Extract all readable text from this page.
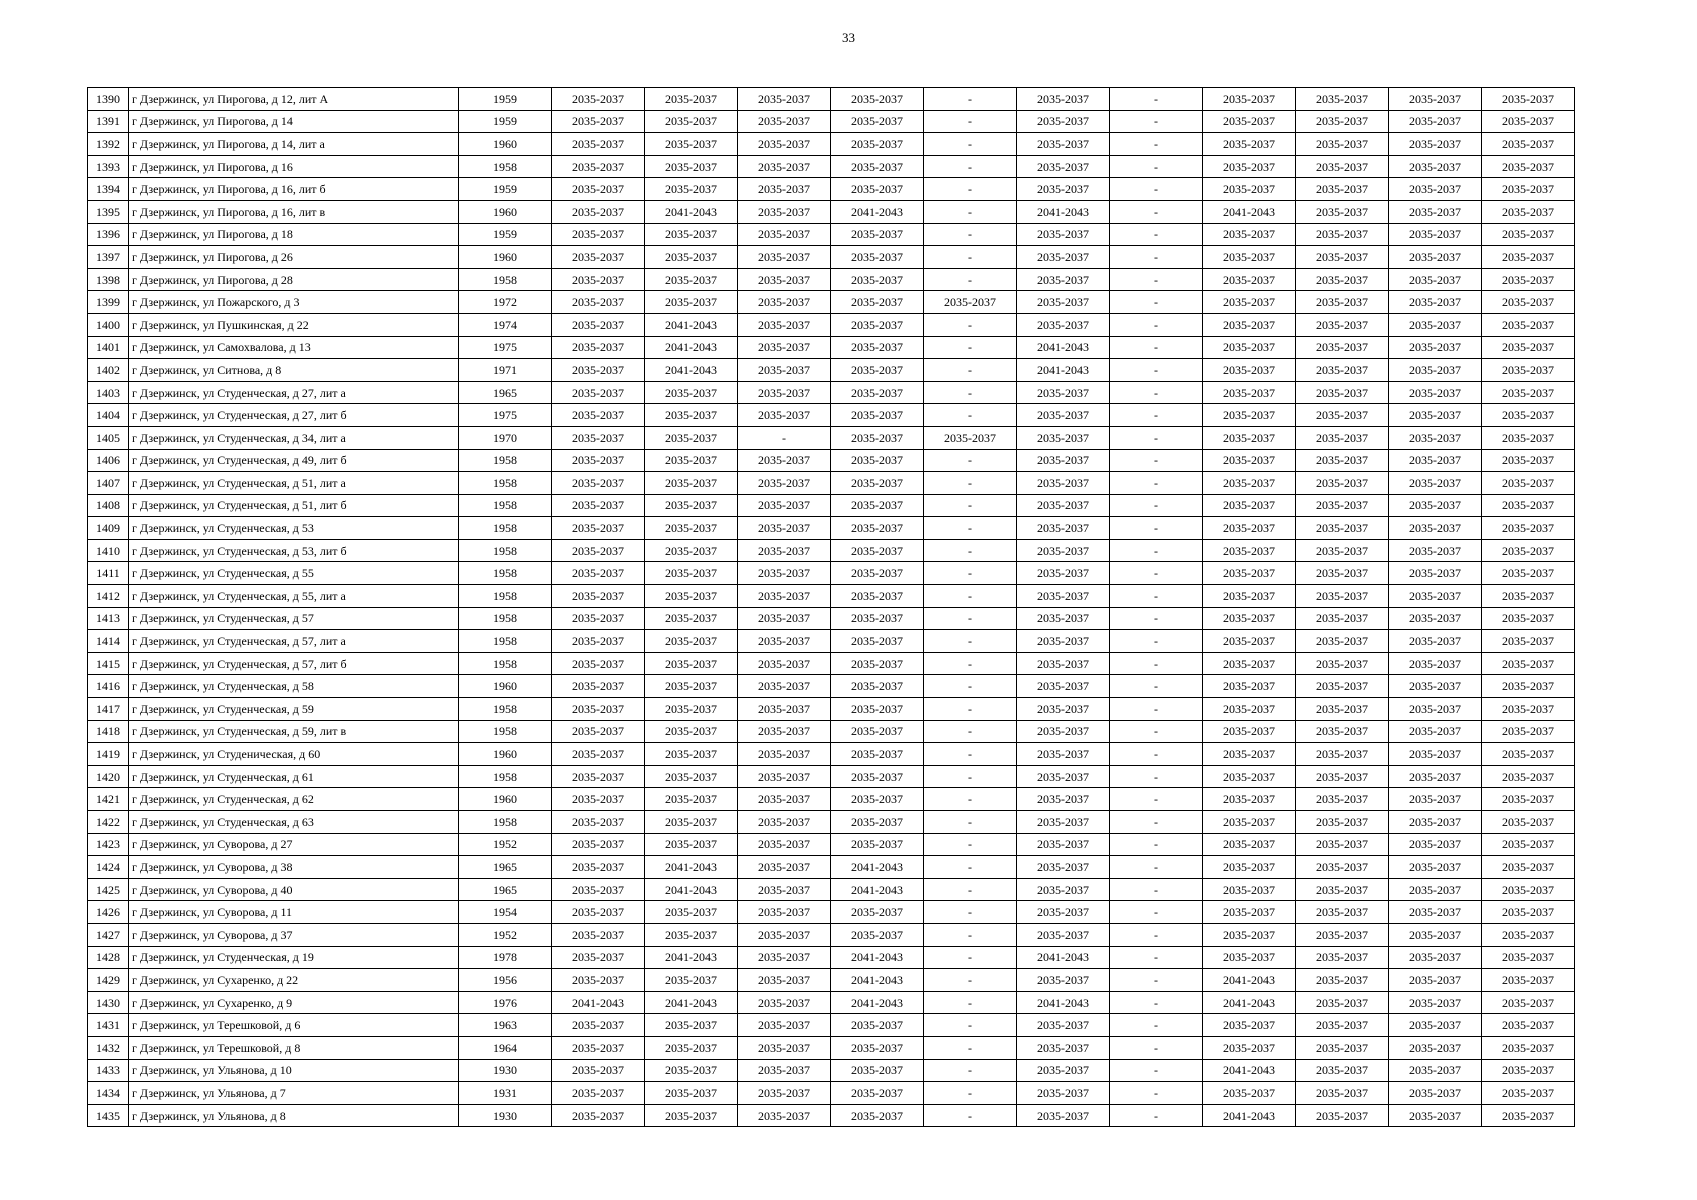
33
1390	г Дзержинск, ул Пирогова, д 12, лит А	1959	2035-2037	2035-2037	2035-2037	2035-2037	-	2035-2037	-	2035-2037	2035-2037	2035-2037	2035-2037
1391	г Дзержинск, ул Пирогова, д 14	1959	2035-2037	2035-2037	2035-2037	2035-2037	-	2035-2037	-	2035-2037	2035-2037	2035-2037	2035-2037
1392	г Дзержинск, ул Пирогова, д 14, лит а	1960	2035-2037	2035-2037	2035-2037	2035-2037	-	2035-2037	-	2035-2037	2035-2037	2035-2037	2035-2037
1393	г Дзержинск, ул Пирогова, д 16	1958	2035-2037	2035-2037	2035-2037	2035-2037	-	2035-2037	-	2035-2037	2035-2037	2035-2037	2035-2037
1394	г Дзержинск, ул Пирогова, д 16, лит б	1959	2035-2037	2035-2037	2035-2037	2035-2037	-	2035-2037	-	2035-2037	2035-2037	2035-2037	2035-2037
1395	г Дзержинск, ул Пирогова, д 16, лит в	1960	2035-2037	2041-2043	2035-2037	2041-2043	-	2041-2043	-	2041-2043	2035-2037	2035-2037	2035-2037
1396	г Дзержинск, ул Пирогова, д 18	1959	2035-2037	2035-2037	2035-2037	2035-2037	-	2035-2037	-	2035-2037	2035-2037	2035-2037	2035-2037
1397	г Дзержинск, ул Пирогова, д 26	1960	2035-2037	2035-2037	2035-2037	2035-2037	-	2035-2037	-	2035-2037	2035-2037	2035-2037	2035-2037
1398	г Дзержинск, ул Пирогова, д 28	1958	2035-2037	2035-2037	2035-2037	2035-2037	-	2035-2037	-	2035-2037	2035-2037	2035-2037	2035-2037
1399	г Дзержинск, ул Пожарского, д 3	1972	2035-2037	2035-2037	2035-2037	2035-2037	2035-2037	2035-2037	-	2035-2037	2035-2037	2035-2037	2035-2037
1400	г Дзержинск, ул Пушкинская, д 22	1974	2035-2037	2041-2043	2035-2037	2035-2037	-	2035-2037	-	2035-2037	2035-2037	2035-2037	2035-2037
1401	г Дзержинск, ул Самохвалова, д 13	1975	2035-2037	2041-2043	2035-2037	2035-2037	-	2041-2043	-	2035-2037	2035-2037	2035-2037	2035-2037
1402	г Дзержинск, ул Ситнова, д 8	1971	2035-2037	2041-2043	2035-2037	2035-2037	-	2041-2043	-	2035-2037	2035-2037	2035-2037	2035-2037
1403	г Дзержинск, ул Студенческая, д 27, лит а	1965	2035-2037	2035-2037	2035-2037	2035-2037	-	2035-2037	-	2035-2037	2035-2037	2035-2037	2035-2037
1404	г Дзержинск, ул Студенческая, д 27, лит б	1975	2035-2037	2035-2037	2035-2037	2035-2037	-	2035-2037	-	2035-2037	2035-2037	2035-2037	2035-2037
1405	г Дзержинск, ул Студенческая, д 34, лит а	1970	2035-2037	2035-2037	-	2035-2037	2035-2037	2035-2037	-	2035-2037	2035-2037	2035-2037	2035-2037
1406	г Дзержинск, ул Студенческая, д 49, лит б	1958	2035-2037	2035-2037	2035-2037	2035-2037	-	2035-2037	-	2035-2037	2035-2037	2035-2037	2035-2037
1407	г Дзержинск, ул Студенческая, д 51, лит а	1958	2035-2037	2035-2037	2035-2037	2035-2037	-	2035-2037	-	2035-2037	2035-2037	2035-2037	2035-2037
1408	г Дзержинск, ул Студенческая, д 51, лит б	1958	2035-2037	2035-2037	2035-2037	2035-2037	-	2035-2037	-	2035-2037	2035-2037	2035-2037	2035-2037
1409	г Дзержинск, ул Студенческая, д 53	1958	2035-2037	2035-2037	2035-2037	2035-2037	-	2035-2037	-	2035-2037	2035-2037	2035-2037	2035-2037
1410	г Дзержинск, ул Студенческая, д 53, лит б	1958	2035-2037	2035-2037	2035-2037	2035-2037	-	2035-2037	-	2035-2037	2035-2037	2035-2037	2035-2037
1411	г Дзержинск, ул Студенческая, д 55	1958	2035-2037	2035-2037	2035-2037	2035-2037	-	2035-2037	-	2035-2037	2035-2037	2035-2037	2035-2037
1412	г Дзержинск, ул Студенческая, д 55, лит а	1958	2035-2037	2035-2037	2035-2037	2035-2037	-	2035-2037	-	2035-2037	2035-2037	2035-2037	2035-2037
1413	г Дзержинск, ул Студенческая, д 57	1958	2035-2037	2035-2037	2035-2037	2035-2037	-	2035-2037	-	2035-2037	2035-2037	2035-2037	2035-2037
1414	г Дзержинск, ул Студенческая, д 57, лит а	1958	2035-2037	2035-2037	2035-2037	2035-2037	-	2035-2037	-	2035-2037	2035-2037	2035-2037	2035-2037
1415	г Дзержинск, ул Студенческая, д 57, лит б	1958	2035-2037	2035-2037	2035-2037	2035-2037	-	2035-2037	-	2035-2037	2035-2037	2035-2037	2035-2037
1416	г Дзержинск, ул Студенческая, д 58	1960	2035-2037	2035-2037	2035-2037	2035-2037	-	2035-2037	-	2035-2037	2035-2037	2035-2037	2035-2037
1417	г Дзержинск, ул Студенческая, д 59	1958	2035-2037	2035-2037	2035-2037	2035-2037	-	2035-2037	-	2035-2037	2035-2037	2035-2037	2035-2037
1418	г Дзержинск, ул Студенческая, д 59, лит в	1958	2035-2037	2035-2037	2035-2037	2035-2037	-	2035-2037	-	2035-2037	2035-2037	2035-2037	2035-2037
1419	г Дзержинск, ул Студеническая, д 60	1960	2035-2037	2035-2037	2035-2037	2035-2037	-	2035-2037	-	2035-2037	2035-2037	2035-2037	2035-2037
1420	г Дзержинск, ул Студенческая, д 61	1958	2035-2037	2035-2037	2035-2037	2035-2037	-	2035-2037	-	2035-2037	2035-2037	2035-2037	2035-2037
1421	г Дзержинск, ул Студенческая, д 62	1960	2035-2037	2035-2037	2035-2037	2035-2037	-	2035-2037	-	2035-2037	2035-2037	2035-2037	2035-2037
1422	г Дзержинск, ул Студенческая, д 63	1958	2035-2037	2035-2037	2035-2037	2035-2037	-	2035-2037	-	2035-2037	2035-2037	2035-2037	2035-2037
1423	г Дзержинск, ул Суворова, д 27	1952	2035-2037	2035-2037	2035-2037	2035-2037	-	2035-2037	-	2035-2037	2035-2037	2035-2037	2035-2037
1424	г Дзержинск, ул Суворова, д 38	1965	2035-2037	2041-2043	2035-2037	2041-2043	-	2035-2037	-	2035-2037	2035-2037	2035-2037	2035-2037
1425	г Дзержинск, ул Суворова, д 40	1965	2035-2037	2041-2043	2035-2037	2041-2043	-	2035-2037	-	2035-2037	2035-2037	2035-2037	2035-2037
1426	г Дзержинск, ул Суворова, д 11	1954	2035-2037	2035-2037	2035-2037	2035-2037	-	2035-2037	-	2035-2037	2035-2037	2035-2037	2035-2037
1427	г Дзержинск, ул Суворова, д 37	1952	2035-2037	2035-2037	2035-2037	2035-2037	-	2035-2037	-	2035-2037	2035-2037	2035-2037	2035-2037
1428	г Дзержинск, ул Студенческая, д 19	1978	2035-2037	2041-2043	2035-2037	2041-2043	-	2041-2043	-	2035-2037	2035-2037	2035-2037	2035-2037
1429	г Дзержинск, ул Сухаренко, д 22	1956	2035-2037	2035-2037	2035-2037	2041-2043	-	2035-2037	-	2041-2043	2035-2037	2035-2037	2035-2037
1430	г Дзержинск, ул Сухаренко, д 9	1976	2041-2043	2041-2043	2035-2037	2041-2043	-	2041-2043	-	2041-2043	2035-2037	2035-2037	2035-2037
1431	г Дзержинск, ул Терешковой, д 6	1963	2035-2037	2035-2037	2035-2037	2035-2037	-	2035-2037	-	2035-2037	2035-2037	2035-2037	2035-2037
1432	г Дзержинск, ул Терешковой, д 8	1964	2035-2037	2035-2037	2035-2037	2035-2037	-	2035-2037	-	2035-2037	2035-2037	2035-2037	2035-2037
1433	г Дзержинск, ул Ульянова, д 10	1930	2035-2037	2035-2037	2035-2037	2035-2037	-	2035-2037	-	2041-2043	2035-2037	2035-2037	2035-2037
1434	г Дзержинск, ул Ульянова, д 7	1931	2035-2037	2035-2037	2035-2037	2035-2037	-	2035-2037	-	2035-2037	2035-2037	2035-2037	2035-2037
1435	г Дзержинск, ул Ульянова, д 8	1930	2035-2037	2035-2037	2035-2037	2035-2037	-	2035-2037	-	2041-2043	2035-2037	2035-2037	2035-2037
